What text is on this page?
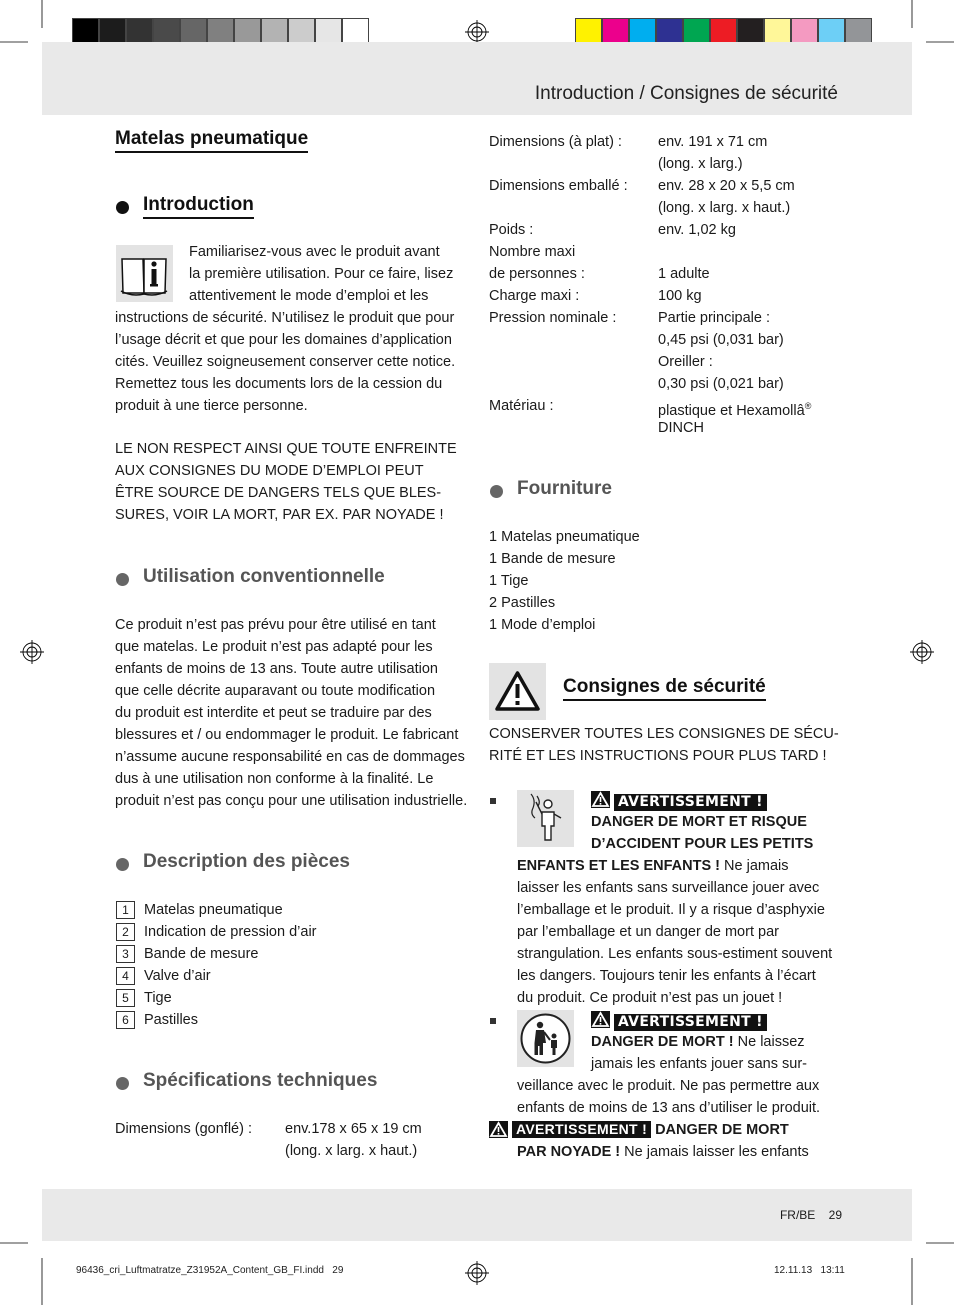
Introduction / Consignes de sécurité
Matelas pneumatique
Introduction
Familiarisez-vous avec le produit avant
la première utilisation. Pour ce faire, lisez
attentivement le mode d’emploi et les
instructions de sécurité. N’utilisez le produit que pour
l’usage décrit et que pour les domaines d’application
cités. Veuillez soigneusement conserver cette notice.
Remettez tous les documents lors de la cession du
produit à une tierce personne.
LE NON RESPECT AINSI QUE TOUTE ENFREINTE
AUX CONSIGNES DU MODE D’EMPLOI PEUT
ÊTRE SOURCE DE DANGERS TELS QUE BLES-
SURES, VOIR LA MORT, PAR EX. PAR NOYADE !
Utilisation conventionnelle
Ce produit n’est pas prévu pour être utilisé en tant
que matelas. Le produit n’est pas adapté pour les
enfants de moins de 13 ans. Toute autre utilisation
que celle décrite auparavant ou toute modification
du produit est interdite et peut se traduire par des
blessures et / ou endommager le produit. Le fabricant
n’assume aucune responsabilité en cas de dommages
dus à une utilisation non conforme à la finalité. Le
produit n’est pas conçu pour une utilisation industrielle.
Description des pièces
1	Matelas pneumatique
2	Indication de pression d’air
3	Bande de mesure
4	Valve d’air
5	Tige
6	Pastilles
Spécifications techniques
Dimensions (gonflé) : env.178 x 65 x 19 cm
(long. x larg. x haut.)
Dimensions (à plat) : env. 191 x 71 cm
(long. x larg.)
Dimensions emballé : env. 28 x 20 x 5,5 cm
(long. x larg. x haut.)
Poids :	env. 1,02 kg
Nombre maxi
de personnes :	1 adulte
Charge maxi :	100 kg
Pression nominale :	Partie principale :
0,45 psi (0,031 bar)
Oreiller :
0,30 psi (0,021 bar)
Matériau :	plastique et Hexamollâ®
DINCH
Fourniture
1 Matelas pneumatique
1 Bande de mesure
1 Tige
2 Pastilles
1 Mode d’emploi
Consignes de sécurité
CONSERVER TOUTES LES CONSIGNES DE SÉCU-
RITÉ ET LES INSTRUCTIONS POUR PLUS TARD !
AVERTISSEMENT !
DANGER DE MORT ET RISQUE
D’ACCIDENT POUR LES PETITS
ENFANTS ET LES ENFANTS ! Ne jamais
laisser les enfants sans surveillance jouer avec
l’emballage et le produit. Il y a risque d’asphyxie
par l’emballage et un danger de mort par
strangulation. Les enfants sous-estiment souvent
les dangers. Toujours tenir les enfants à l’écart
du produit. Ce produit n’est pas un jouet !
AVERTISSEMENT !
DANGER DE MORT ! Ne laissez
jamais les enfants jouer sans sur-
veillance avec le produit. Ne pas permettre aux
enfants de moins de 13 ans d’utiliser le produit.
AVERTISSEMENT ! DANGER DE MORT
PAR NOYADE ! Ne jamais laisser les enfants
FR/BE 29
96436_cri_Luftmatratze_Z31952A_Content_GB_FI.indd   29	12.11.13   13:11
